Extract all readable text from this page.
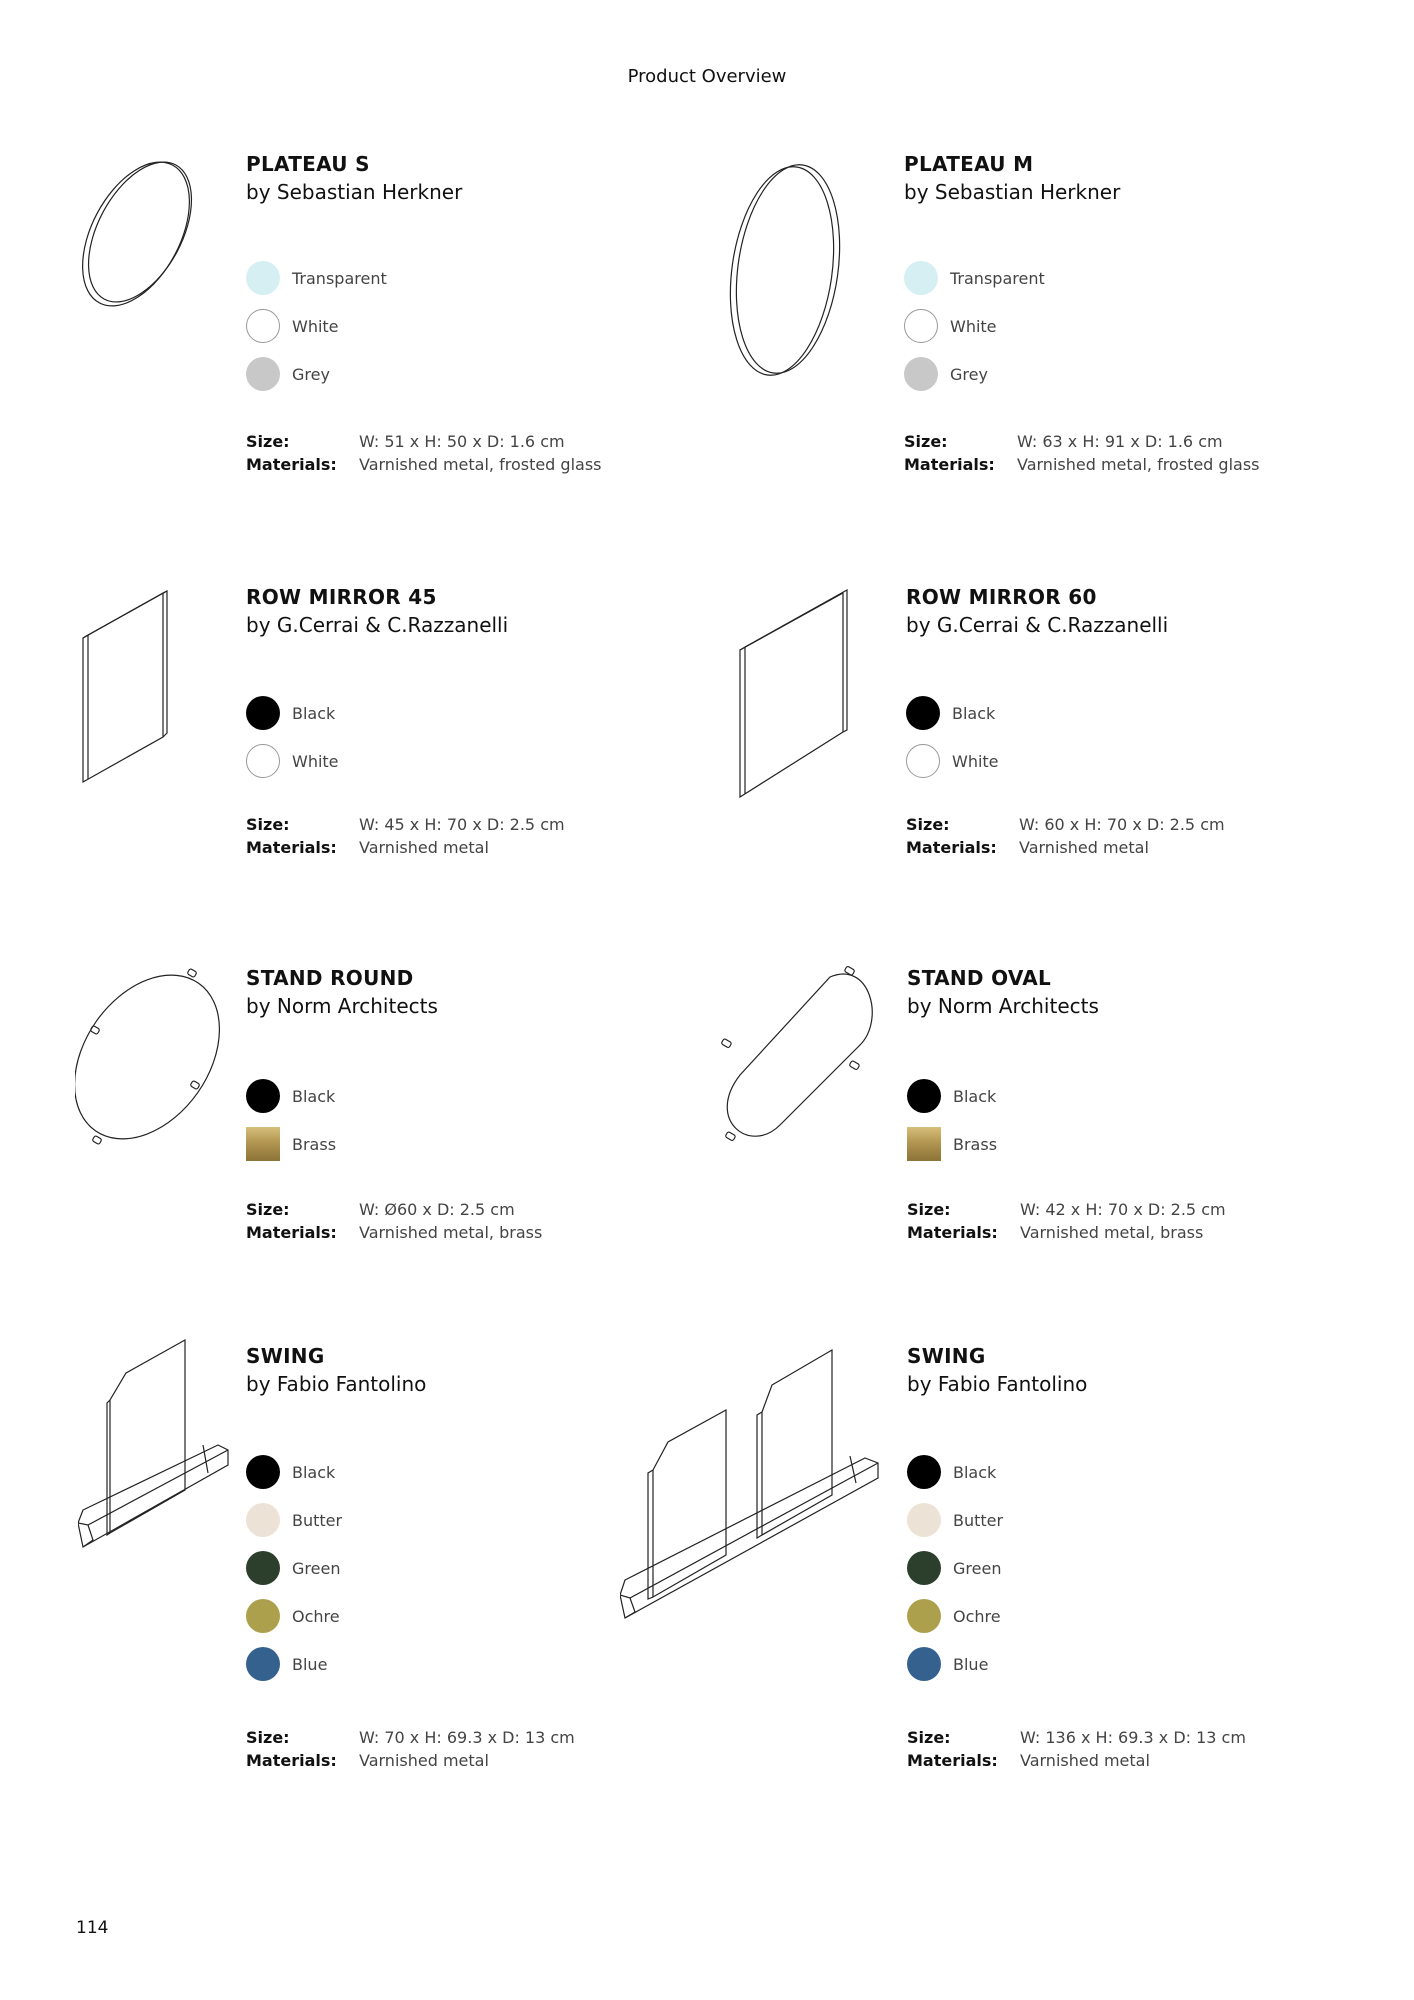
Product Overview
PLATEAU S
by Sebastian Herkner
Transparent
White
Grey
Size:	W: 51 x H: 50 x D: 1.6 cm
Materials:	Varnished metal, frosted glass
PLATEAU M
by Sebastian Herkner
Transparent
White
Grey
Size:	W: 63 x H: 91 x D: 1.6 cm
Materials:	Varnished metal, frosted glass
ROW MIRROR 45
by G.Cerrai & C.Razzanelli
Black
White
Size:	W: 45 x H: 70 x D: 2.5 cm
Materials:	Varnished metal
ROW MIRROR 60
by G.Cerrai & C.Razzanelli
Black
White
Size:	W: 60 x H: 70 x D: 2.5 cm
Materials:	Varnished metal
STAND ROUND
by Norm Architects
Black
Brass
Size:	W: Ø60 x D: 2.5 cm
Materials:	Varnished metal, brass
STAND OVAL
by Norm Architects
Black
Brass
Size:	W: 42 x H: 70 x D: 2.5 cm
Materials:	Varnished metal, brass
SWING
by Fabio Fantolino
Black
Butter
Green
Ochre
Blue
Size:	W: 70 x H: 69.3 x D: 13 cm
Materials:	Varnished metal
SWING
by Fabio Fantolino
Black
Butter
Green
Ochre
Blue
Size:	W: 136 x H: 69.3 x D: 13 cm
Materials:	Varnished metal
114
